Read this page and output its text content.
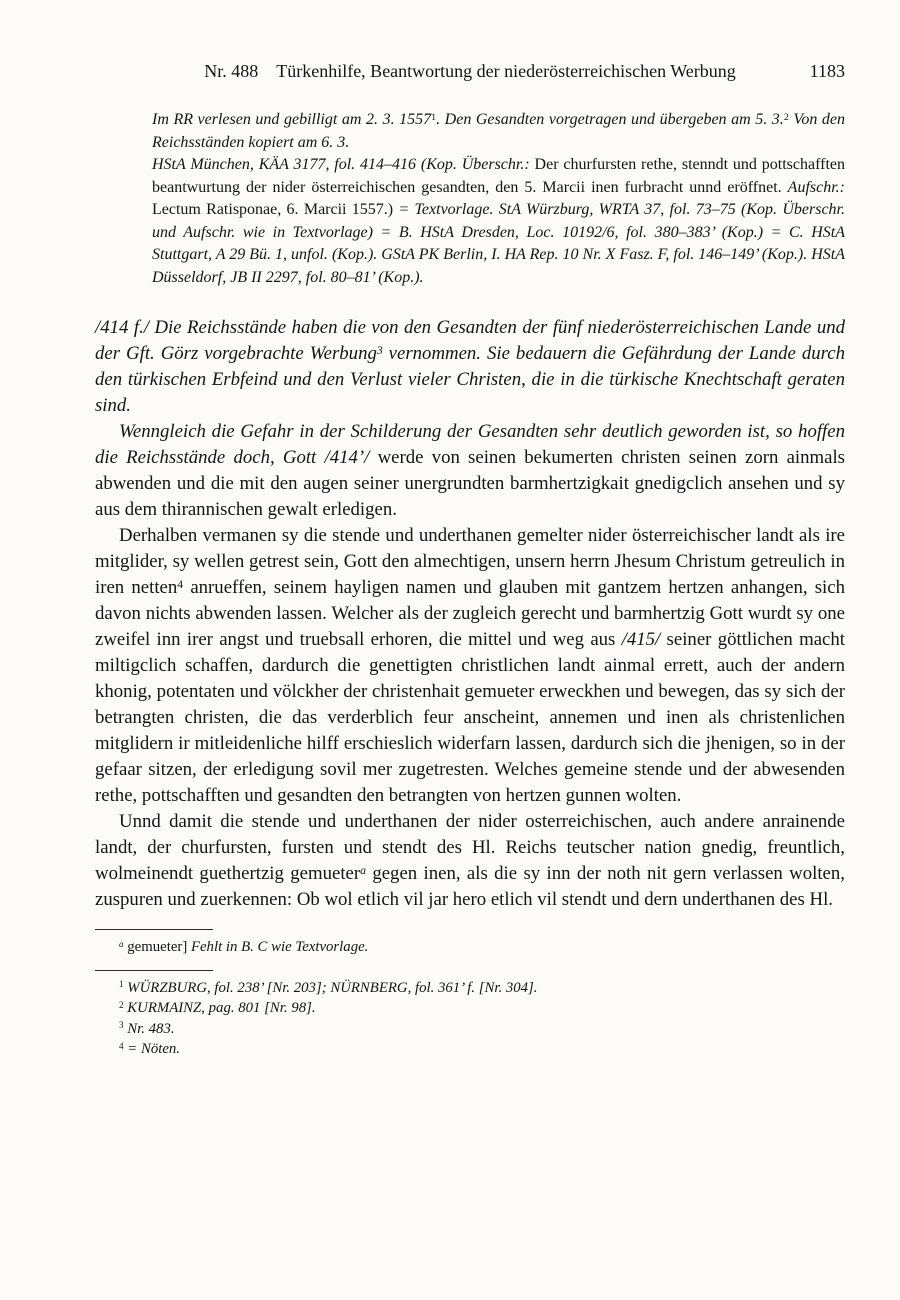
Nr. 488 Türkenhilfe, Beantwortung der niederösterreichischen Werbung	1183

Im RR verlesen und gebilligt am 2. 3. 1557$^1$. Den Gesandten vorgetragen und übergeben am 5. 3.$^2$ Von den Reichsständen kopiert am 6. 3.

HStA München, KÄA 3177, fol. 414–416 (Kop. Überschr.: Der churfursten rethe, stenndt und pottschafften beantwurtung der nider österreichischen gesandten, den 5. Marcii inen furbracht unnd eröffnet. Aufschr.: Lectum Ratisponae, 6. Marcii 1557.) = Textvorlage. StA Würzburg, WRTA 37, fol. 73–75 (Kop. Überschr. und Aufschr. wie in Textvorlage) = B. HStA Dresden, Loc. 10192/6, fol. 380–383’ (Kop.) = C. HStA Stuttgart, A 29 Bü. 1, unfol. (Kop.). GStA PK Berlin, I. HA Rep. 10 Nr. X Fasz. F, fol. 146–149’ (Kop.). HStA Düsseldorf, JB II 2297, fol. 80–81’ (Kop.).

/414 f./ Die Reichsstände haben die von den Gesandten der fünf niederösterreichischen Lande und der Gft. Görz vorgebrachte Werbung$^3$ vernommen. Sie bedauern die Gefährdung der Lande durch den türkischen Erbfeind und den Verlust vieler Christen, die in die türkische Knechtschaft geraten sind.

Wenngleich die Gefahr in der Schilderung der Gesandten sehr deutlich geworden ist, so hoffen die Reichsstände doch, Gott /414’/ werde von seinen bekumerten christen seinen zorn ainmals abwenden und die mit den augen seiner unergrundten barmhertzigkait gnedigclich ansehen und sy aus dem thirannischen gewalt erledigen.

Derhalben vermanen sy die stende und underthanen gemelter nider österreichischer landt als ire mitglider, sy wellen getrest sein, Gott den almechtigen, unsern herrn Jhesum Christum getreulich in iren netten$^4$ anrueffen, seinem hayligen namen und glauben mit gantzem hertzen anhangen, sich davon nichts abwenden lassen. Welcher als der zugleich gerecht und barmhertzig Gott wurdt sy one zweifel inn irer angst und truebsall erhoren, die mittel und weg aus /415/ seiner göttlichen macht miltigclich schaffen, dardurch die genettigten christlichen landt ainmal errett, auch der andern khonig, potentaten und völckher der christenhait gemueter erweckhen und bewegen, das sy sich der betrangten christen, die das verderblich feur anscheint, annemen und inen als christenlichen mitglidern ir mitleidenliche hilff erschieslich widerfarn lassen, dardurch sich die jhenigen, so in der gefaar sitzen, der erledigung sovil mer zugetresten. Welches gemeine stende und der abwesenden rethe, pottschafften und gesandten den betrangten von hertzen gunnen wolten.

Unnd damit die stende und underthanen der nider osterreichischen, auch andere anrainende landt, der churfursten, fursten und stendt des Hl. Reichs teutscher nation gnedig, freuntlich, wolmeinendt guethertzig gemueter$^a$ gegen inen, als die sy inn der noth nit gern verlassen wolten, zuspuren und zuerkennen: Ob wol etlich vil jar hero etlich vil stendt und dern underthanen des Hl.

$^a$ gemueter] Fehlt in B. C wie Textvorlage.

$^1$ WÜRZBURG, fol. 238’ [Nr. 203]; NÜRNBERG, fol. 361’ f. [Nr. 304].

$^2$ KURMAINZ, pag. 801 [Nr. 98].

$^3$ Nr. 483.

$^4$ = Nöten.
